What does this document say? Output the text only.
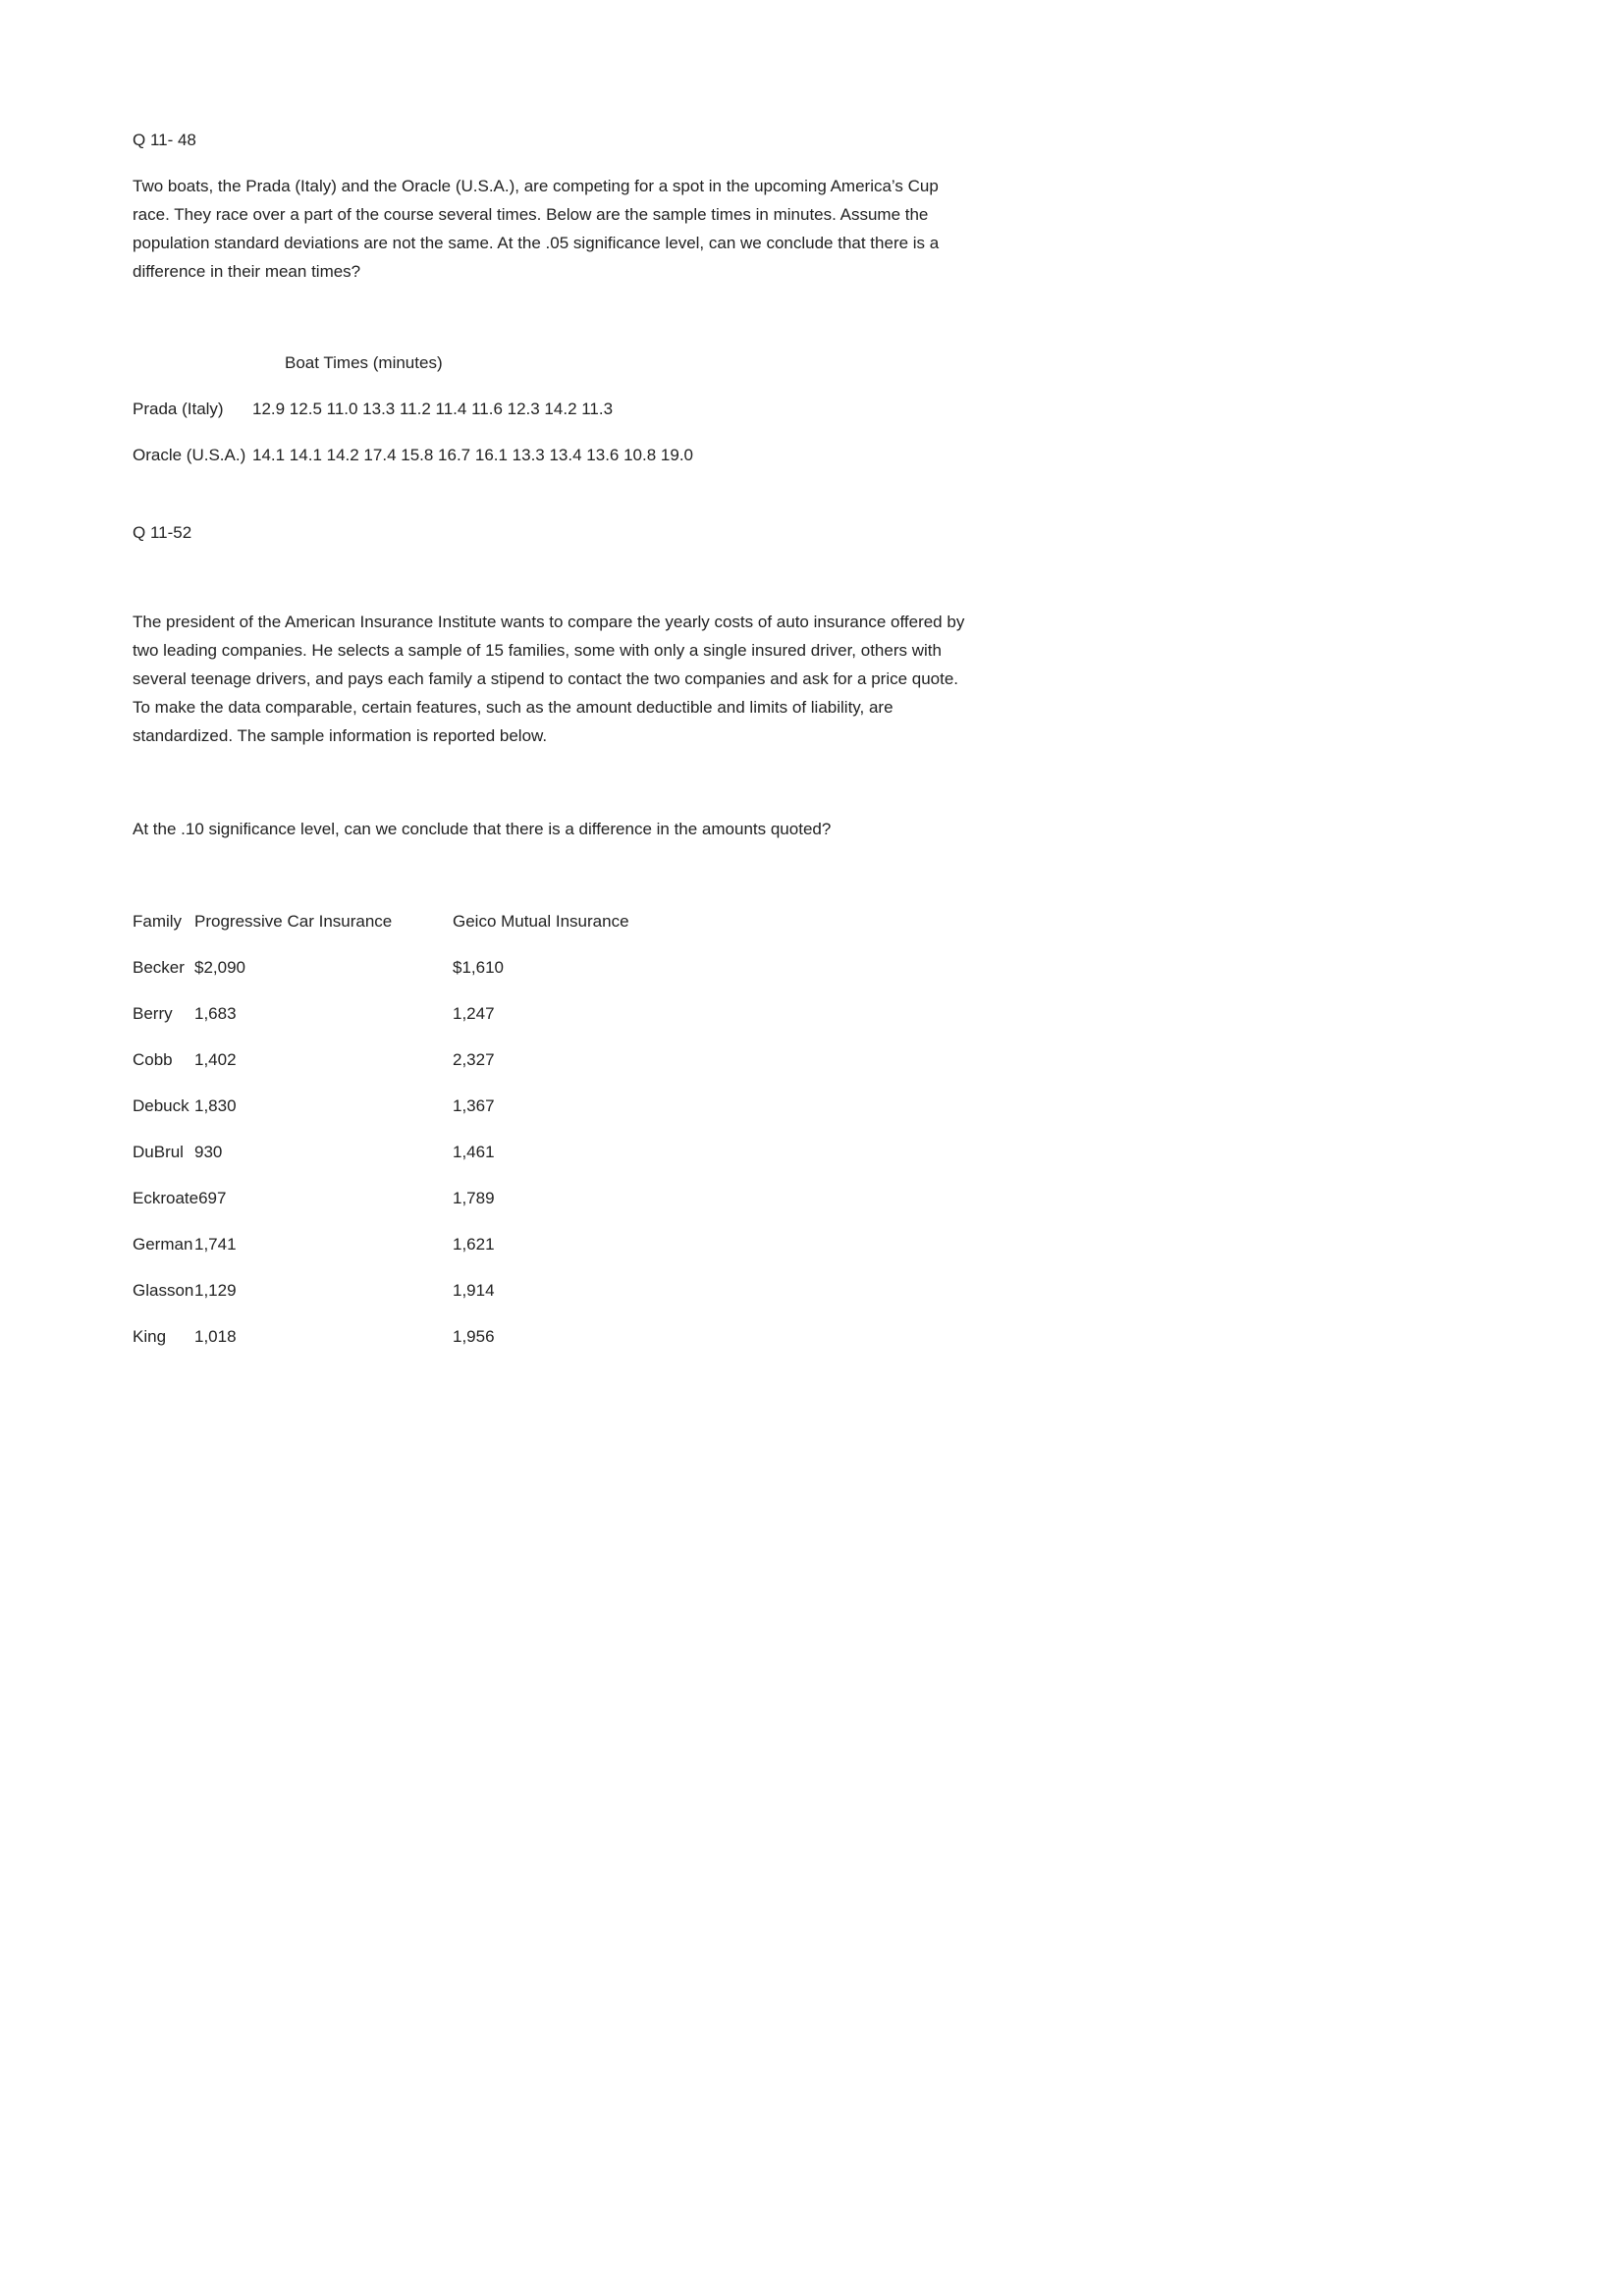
Q 11- 48

Two boats, the Prada (Italy) and the Oracle (U.S.A.), are competing for a spot in the upcoming America’s Cup race. They race over a part of the course several times. Below are the sample times in minutes. Assume the population standard deviations are not the same. At the .05 significance level, can we conclude that there is a difference in their mean times?

Boat Times (minutes)

Prada (Italy)	12.9 12.5 11.0 13.3 11.2 11.4 11.6 12.3 14.2 11.3
Oracle (U.S.A.) 14.1 14.1 14.2 17.4 15.8 16.7 16.1 13.3 13.4 13.6 10.8 19.0

Q 11-52

The president of the American Insurance Institute wants to compare the yearly costs of auto insurance offered by two leading companies. He selects a sample of 15 families, some with only a single insured driver, others with several teenage drivers, and pays each family a stipend to contact the two companies and ask for a price quote. To make the data comparable, certain features, such as the amount deductible and limits of liability, are standardized. The sample information is reported below.

At the .10 significance level, can we conclude that there is a difference in the amounts quoted?

Family Progressive Car Insurance	Geico Mutual Insurance
Becker $2,090	$1,610
Berry	1,683	1,247
Cobb	1,402	2,327
Debuck 1,830	1,367
DuBrul 930	1,461
Eckroate 697	1,789
German 1,741	1,621
Glasson 1,129	1,914
King	1,018	1,956
